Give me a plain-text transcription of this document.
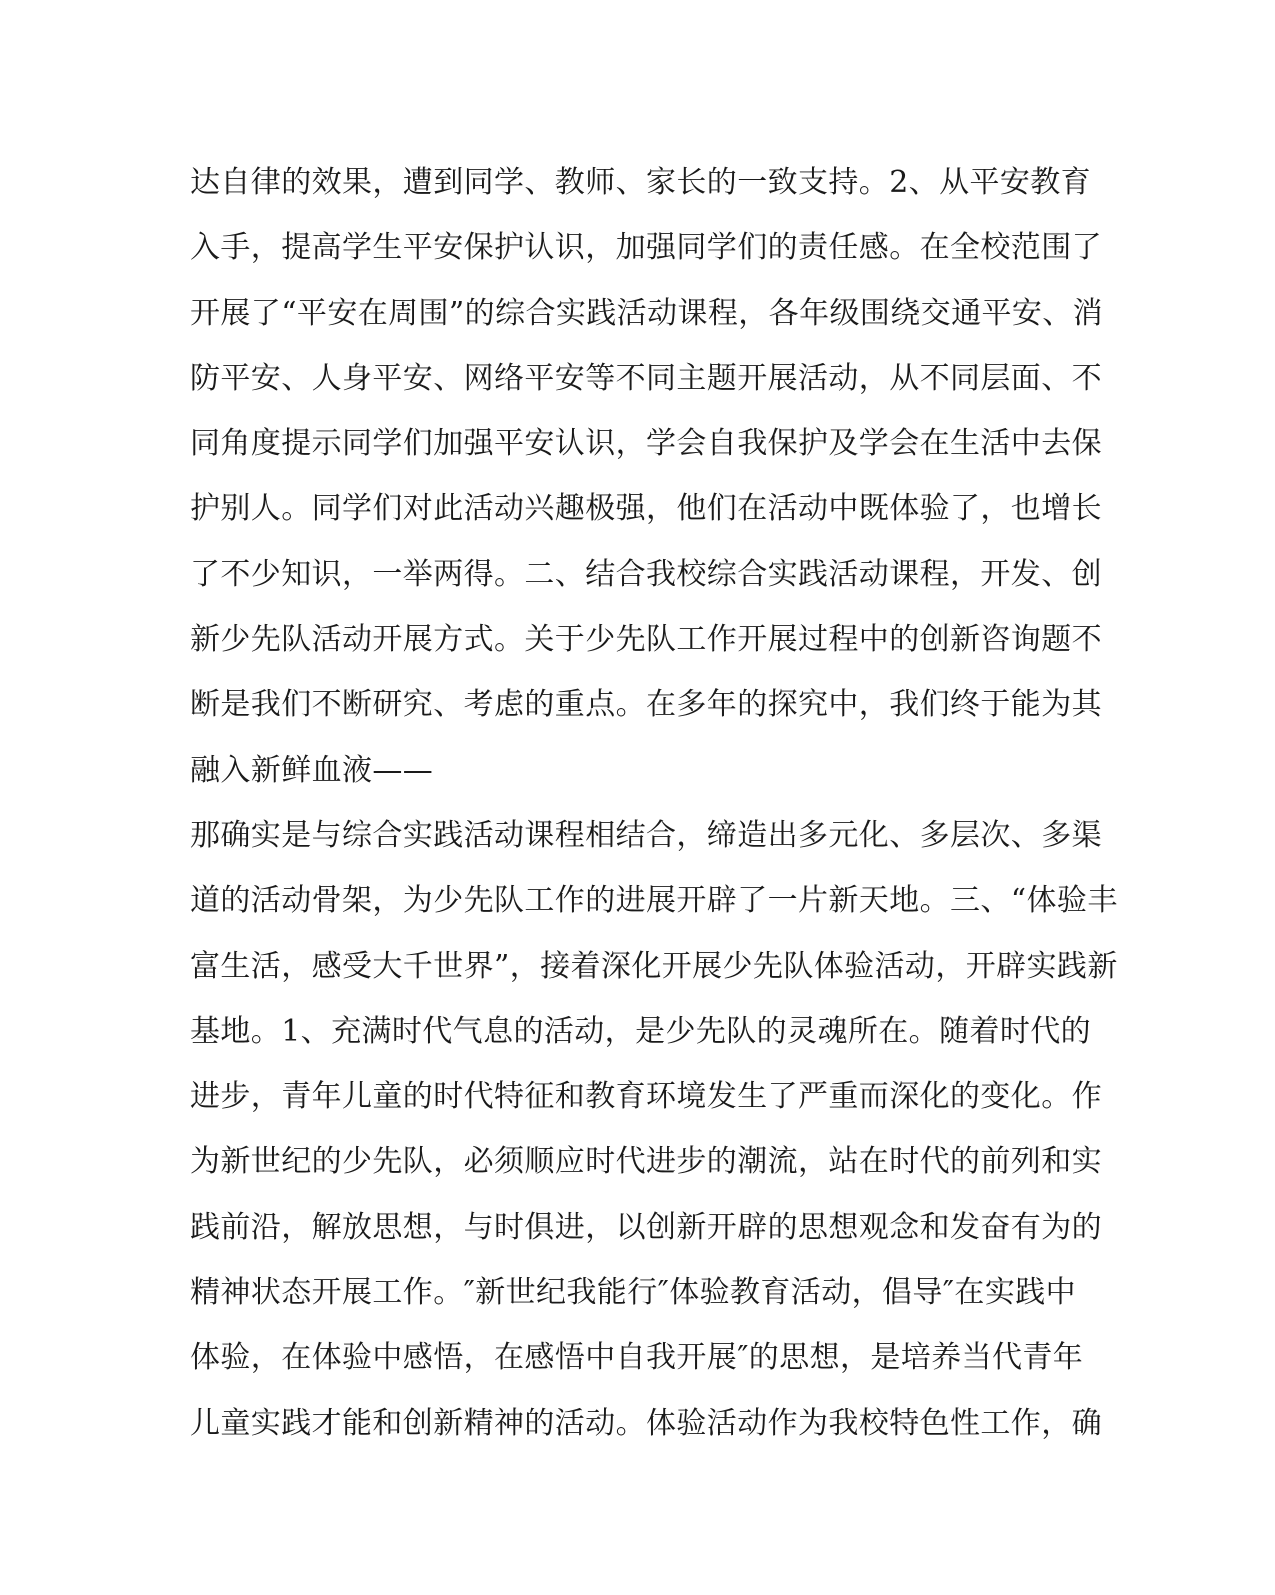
达自律的效果，遭到同学、教师、家长的一致支持。2、从平安教育
入手，提高学生平安保护认识，加强同学们的责任感。在全校范围了
开展了“平安在周围”的综合实践活动课程，各年级围绕交通平安、消
防平安、人身平安、网络平安等不同主题开展活动，从不同层面、不
同角度提示同学们加强平安认识，学会自我保护及学会在生活中去保
护别人。同学们对此活动兴趣极强，他们在活动中既体验了，也增长
了不少知识，一举两得。二、结合我校综合实践活动课程，开发、创
新少先队活动开展方式。关于少先队工作开展过程中的创新咨询题不
断是我们不断研究、考虑的重点。在多年的探究中，我们终于能为其
融入新鲜血液——
那确实是与综合实践活动课程相结合，缔造出多元化、多层次、多渠
道的活动骨架，为少先队工作的进展开辟了一片新天地。三、“体验丰
富生活，感受大千世界”，接着深化开展少先队体验活动，开辟实践新
基地。1、充满时代气息的活动，是少先队的灵魂所在。随着时代的
进步，青年儿童的时代特征和教育环境发生了严重而深化的变化。作
为新世纪的少先队，必须顺应时代进步的潮流，站在时代的前列和实
践前沿，解放思想，与时俱进，以创新开辟的思想观念和发奋有为的
精神状态开展工作。″新世纪我能行″体验教育活动，倡导″在实践中
体验，在体验中感悟，在感悟中自我开展″的思想，是培养当代青年
儿童实践才能和创新精神的活动。体验活动作为我校特色性工作，确
